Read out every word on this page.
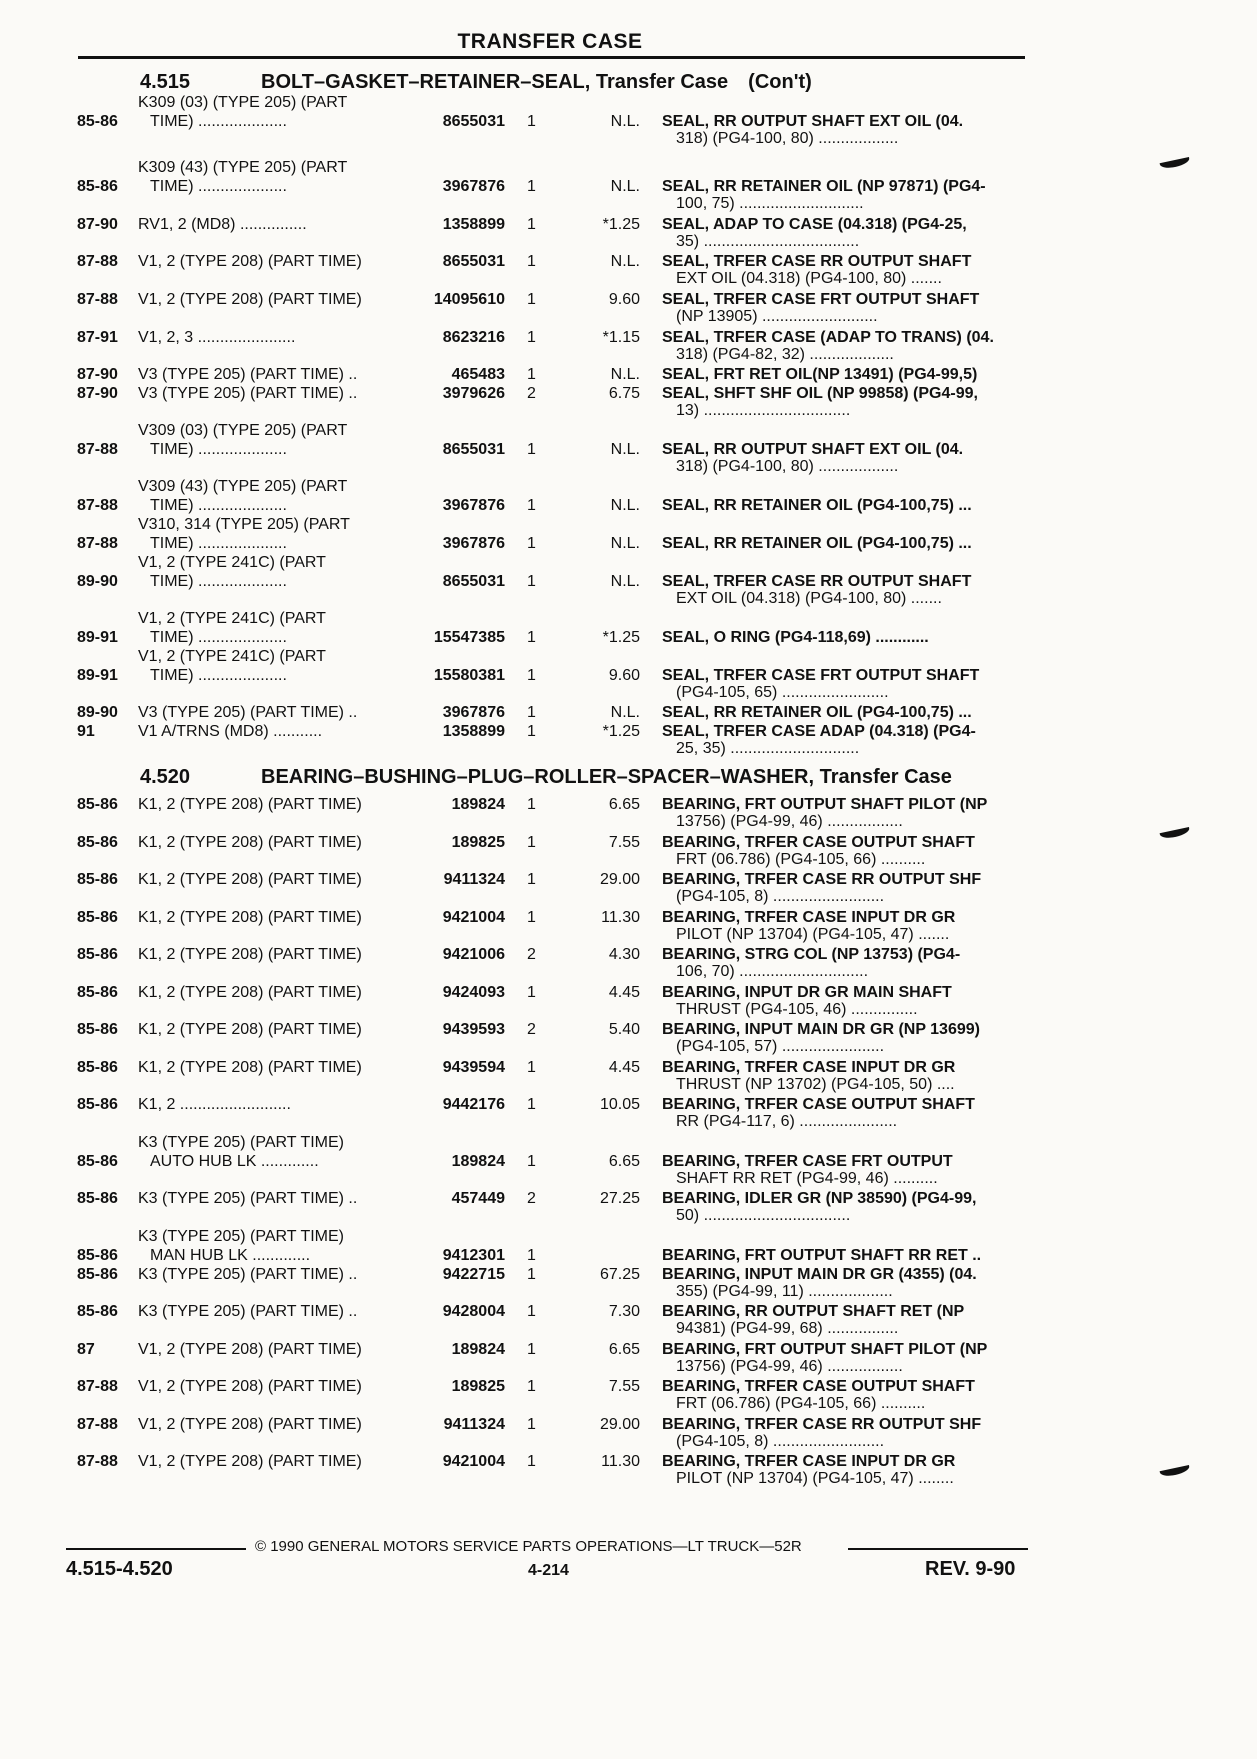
TRANSFER CASE
4.515	BOLT–GASKET–RETAINER–SEAL, Transfer Case (Con't)
85-86
K309 (03) (TYPE 205) (PART
TIME) ....................	8655031 1	N.L. SEAL, RR OUTPUT SHAFT EXT OIL (04.
318) (PG4-100, 80) ..................
85-86
K309 (43) (TYPE 205) (PART
TIME) ....................	3967876 1	N.L. SEAL, RR RETAINER OIL (NP 97871) (PG4-
100, 75) ............................
87-90 RV1, 2 (MD8) ...............	1358899 1	*1.25 SEAL, ADAP TO CASE (04.318) (PG4-25,
35) ...................................
87-88 V1, 2 (TYPE 208) (PART TIME)	8655031 1	N.L. SEAL, TRFER CASE RR OUTPUT SHAFT
EXT OIL (04.318) (PG4-100, 80) .......
87-88 V1, 2 (TYPE 208) (PART TIME)	14095610 1	9.60 SEAL, TRFER CASE FRT OUTPUT SHAFT
(NP 13905) ..........................
87-91 V1, 2, 3 ......................	8623216 1	*1.15 SEAL, TRFER CASE (ADAP TO TRANS) (04.
318) (PG4-82, 32) ...................
87-90 V3 (TYPE 205) (PART TIME) ..	465483 1	N.L. SEAL, FRT RET OIL(NP 13491) (PG4-99,5)
87-90 V3 (TYPE 205) (PART TIME) ..	3979626 2	6.75 SEAL, SHFT SHF OIL (NP 99858) (PG4-99,
13) .................................
87-88
V309 (03) (TYPE 205) (PART
TIME) ....................	8655031 1	N.L. SEAL, RR OUTPUT SHAFT EXT OIL (04.
318) (PG4-100, 80) ..................
87-88
V309 (43) (TYPE 205) (PART
TIME) ....................	3967876 1	N.L. SEAL, RR RETAINER OIL (PG4-100,75) ...
87-88
V310, 314 (TYPE 205) (PART
TIME) ....................	3967876 1	N.L. SEAL, RR RETAINER OIL (PG4-100,75) ...
89-90
V1, 2 (TYPE 241C) (PART
TIME) ....................	8655031 1	N.L. SEAL, TRFER CASE RR OUTPUT SHAFT
EXT OIL (04.318) (PG4-100, 80) .......
89-91
V1, 2 (TYPE 241C) (PART
TIME) ....................	15547385 1	*1.25 SEAL, O RING (PG4-118,69) ............
89-91
V1, 2 (TYPE 241C) (PART
TIME) ....................	15580381 1	9.60 SEAL, TRFER CASE FRT OUTPUT SHAFT
(PG4-105, 65) ........................
89-90 V3 (TYPE 205) (PART TIME) ..	3967876 1	N.L. SEAL, RR RETAINER OIL (PG4-100,75) ...
91	V1 A/TRNS (MD8) ...........	1358899 1	*1.25 SEAL, TRFER CASE ADAP (04.318) (PG4-
25, 35) .............................
4.520	BEARING–BUSHING–PLUG–ROLLER–SPACER–WASHER, Transfer Case
85-86 K1, 2 (TYPE 208) (PART TIME)	189824 1	6.65 BEARING, FRT OUTPUT SHAFT PILOT (NP
13756) (PG4-99, 46) .................
85-86 K1, 2 (TYPE 208) (PART TIME)	189825 1	7.55 BEARING, TRFER CASE OUTPUT SHAFT
FRT (06.786) (PG4-105, 66) ..........
85-86 K1, 2 (TYPE 208) (PART TIME)	9411324 1	29.00 BEARING, TRFER CASE RR OUTPUT SHF
(PG4-105, 8) .........................
85-86 K1, 2 (TYPE 208) (PART TIME)	9421004 1	11.30 BEARING, TRFER CASE INPUT DR GR
PILOT (NP 13704) (PG4-105, 47) .......
85-86 K1, 2 (TYPE 208) (PART TIME)	9421006 2	4.30 BEARING, STRG COL (NP 13753) (PG4-
106, 70) .............................
85-86 K1, 2 (TYPE 208) (PART TIME)	9424093 1	4.45 BEARING, INPUT DR GR MAIN SHAFT
THRUST (PG4-105, 46) ...............
85-86 K1, 2 (TYPE 208) (PART TIME)	9439593 2	5.40 BEARING, INPUT MAIN DR GR (NP 13699)
(PG4-105, 57) .......................
85-86 K1, 2 (TYPE 208) (PART TIME)	9439594 1	4.45 BEARING, TRFER CASE INPUT DR GR
THRUST (NP 13702) (PG4-105, 50) ....
85-86 K1, 2 .........................	9442176 1	10.05 BEARING, TRFER CASE OUTPUT SHAFT
RR (PG4-117, 6) ......................
85-86
K3 (TYPE 205) (PART TIME)
AUTO HUB LK .............	189824 1	6.65 BEARING, TRFER CASE FRT OUTPUT
SHAFT RR RET (PG4-99, 46) ..........
85-86 K3 (TYPE 205) (PART TIME) ..	457449 2	27.25 BEARING, IDLER GR (NP 38590) (PG4-99,
50) .................................
85-86
K3 (TYPE 205) (PART TIME)
MAN HUB LK .............	9412301 1	BEARING, FRT OUTPUT SHAFT RR RET ..
85-86 K3 (TYPE 205) (PART TIME) ..	9422715 1	67.25 BEARING, INPUT MAIN DR GR (4355) (04.
355) (PG4-99, 11) ...................
85-86 K3 (TYPE 205) (PART TIME) ..	9428004 1	7.30 BEARING, RR OUTPUT SHAFT RET (NP
94381) (PG4-99, 68) ................
87	V1, 2 (TYPE 208) (PART TIME)	189824 1	6.65 BEARING, FRT OUTPUT SHAFT PILOT (NP
13756) (PG4-99, 46) .................
87-88 V1, 2 (TYPE 208) (PART TIME)	189825 1	7.55 BEARING, TRFER CASE OUTPUT SHAFT
FRT (06.786) (PG4-105, 66) ..........
87-88 V1, 2 (TYPE 208) (PART TIME)	9411324 1	29.00 BEARING, TRFER CASE RR OUTPUT SHF
(PG4-105, 8) .........................
87-88 V1, 2 (TYPE 208) (PART TIME)	9421004 1	11.30 BEARING, TRFER CASE INPUT DR GR
PILOT (NP 13704) (PG4-105, 47) ........
© 1990 GENERAL MOTORS SERVICE PARTS OPERATIONS—LT TRUCK—52R
4.515-4.520	4-214	REV. 9-90
